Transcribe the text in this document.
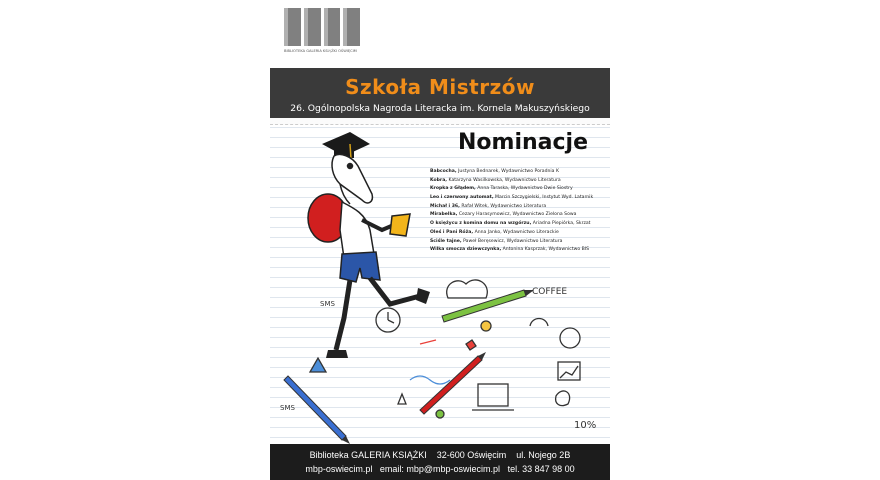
BIBLIOTEKA GALERIA KSIĄŻKI OŚWIĘCIM
Szkoła Mistrzów
26. Ogólnopolska Nagroda Literacka im. Kornela Makuszyńskiego
Nominacje
Babcocha, Justyna Bednarek, Wydawnictwo Poradnia K
Kobra, Katarzyna Wasilkowska, Wydawnictwo Literatura
Kropka z Głądem, Anna Taraska, Wydawnictwo Dwie Siostry
Leo i czerwony automat, Marcin Szczygielski, Instytut Wyd. Latarnik
Michał i 36, Rafał Witek, Wydawnictwo Literatura
Mirabelka, Cezary Harasymowicz, Wydawnictwo Zielona Sowa
O księżycu z komina domu na wzgórzu, Ariadna Piepiórka, Skrzat
Oleś i Pani Róża, Anna Janko, Wydawnictwo Literackie
Ściśle tajne, Paweł Beręsewicz, Wydawnictwo Literatura
Wilka smocza dziewczynka, Antonina Kasprzak, Wydawnictwo BIS
COFFEE
SMS
SMS
10%
Biblioteka GALERIA KSIĄŻKI 32-600 Oświęcim ul. Nojego 2B
mbp-oswiecim.pl email: mbp@mbp-oswiecim.pl tel. 33 847 98 00
